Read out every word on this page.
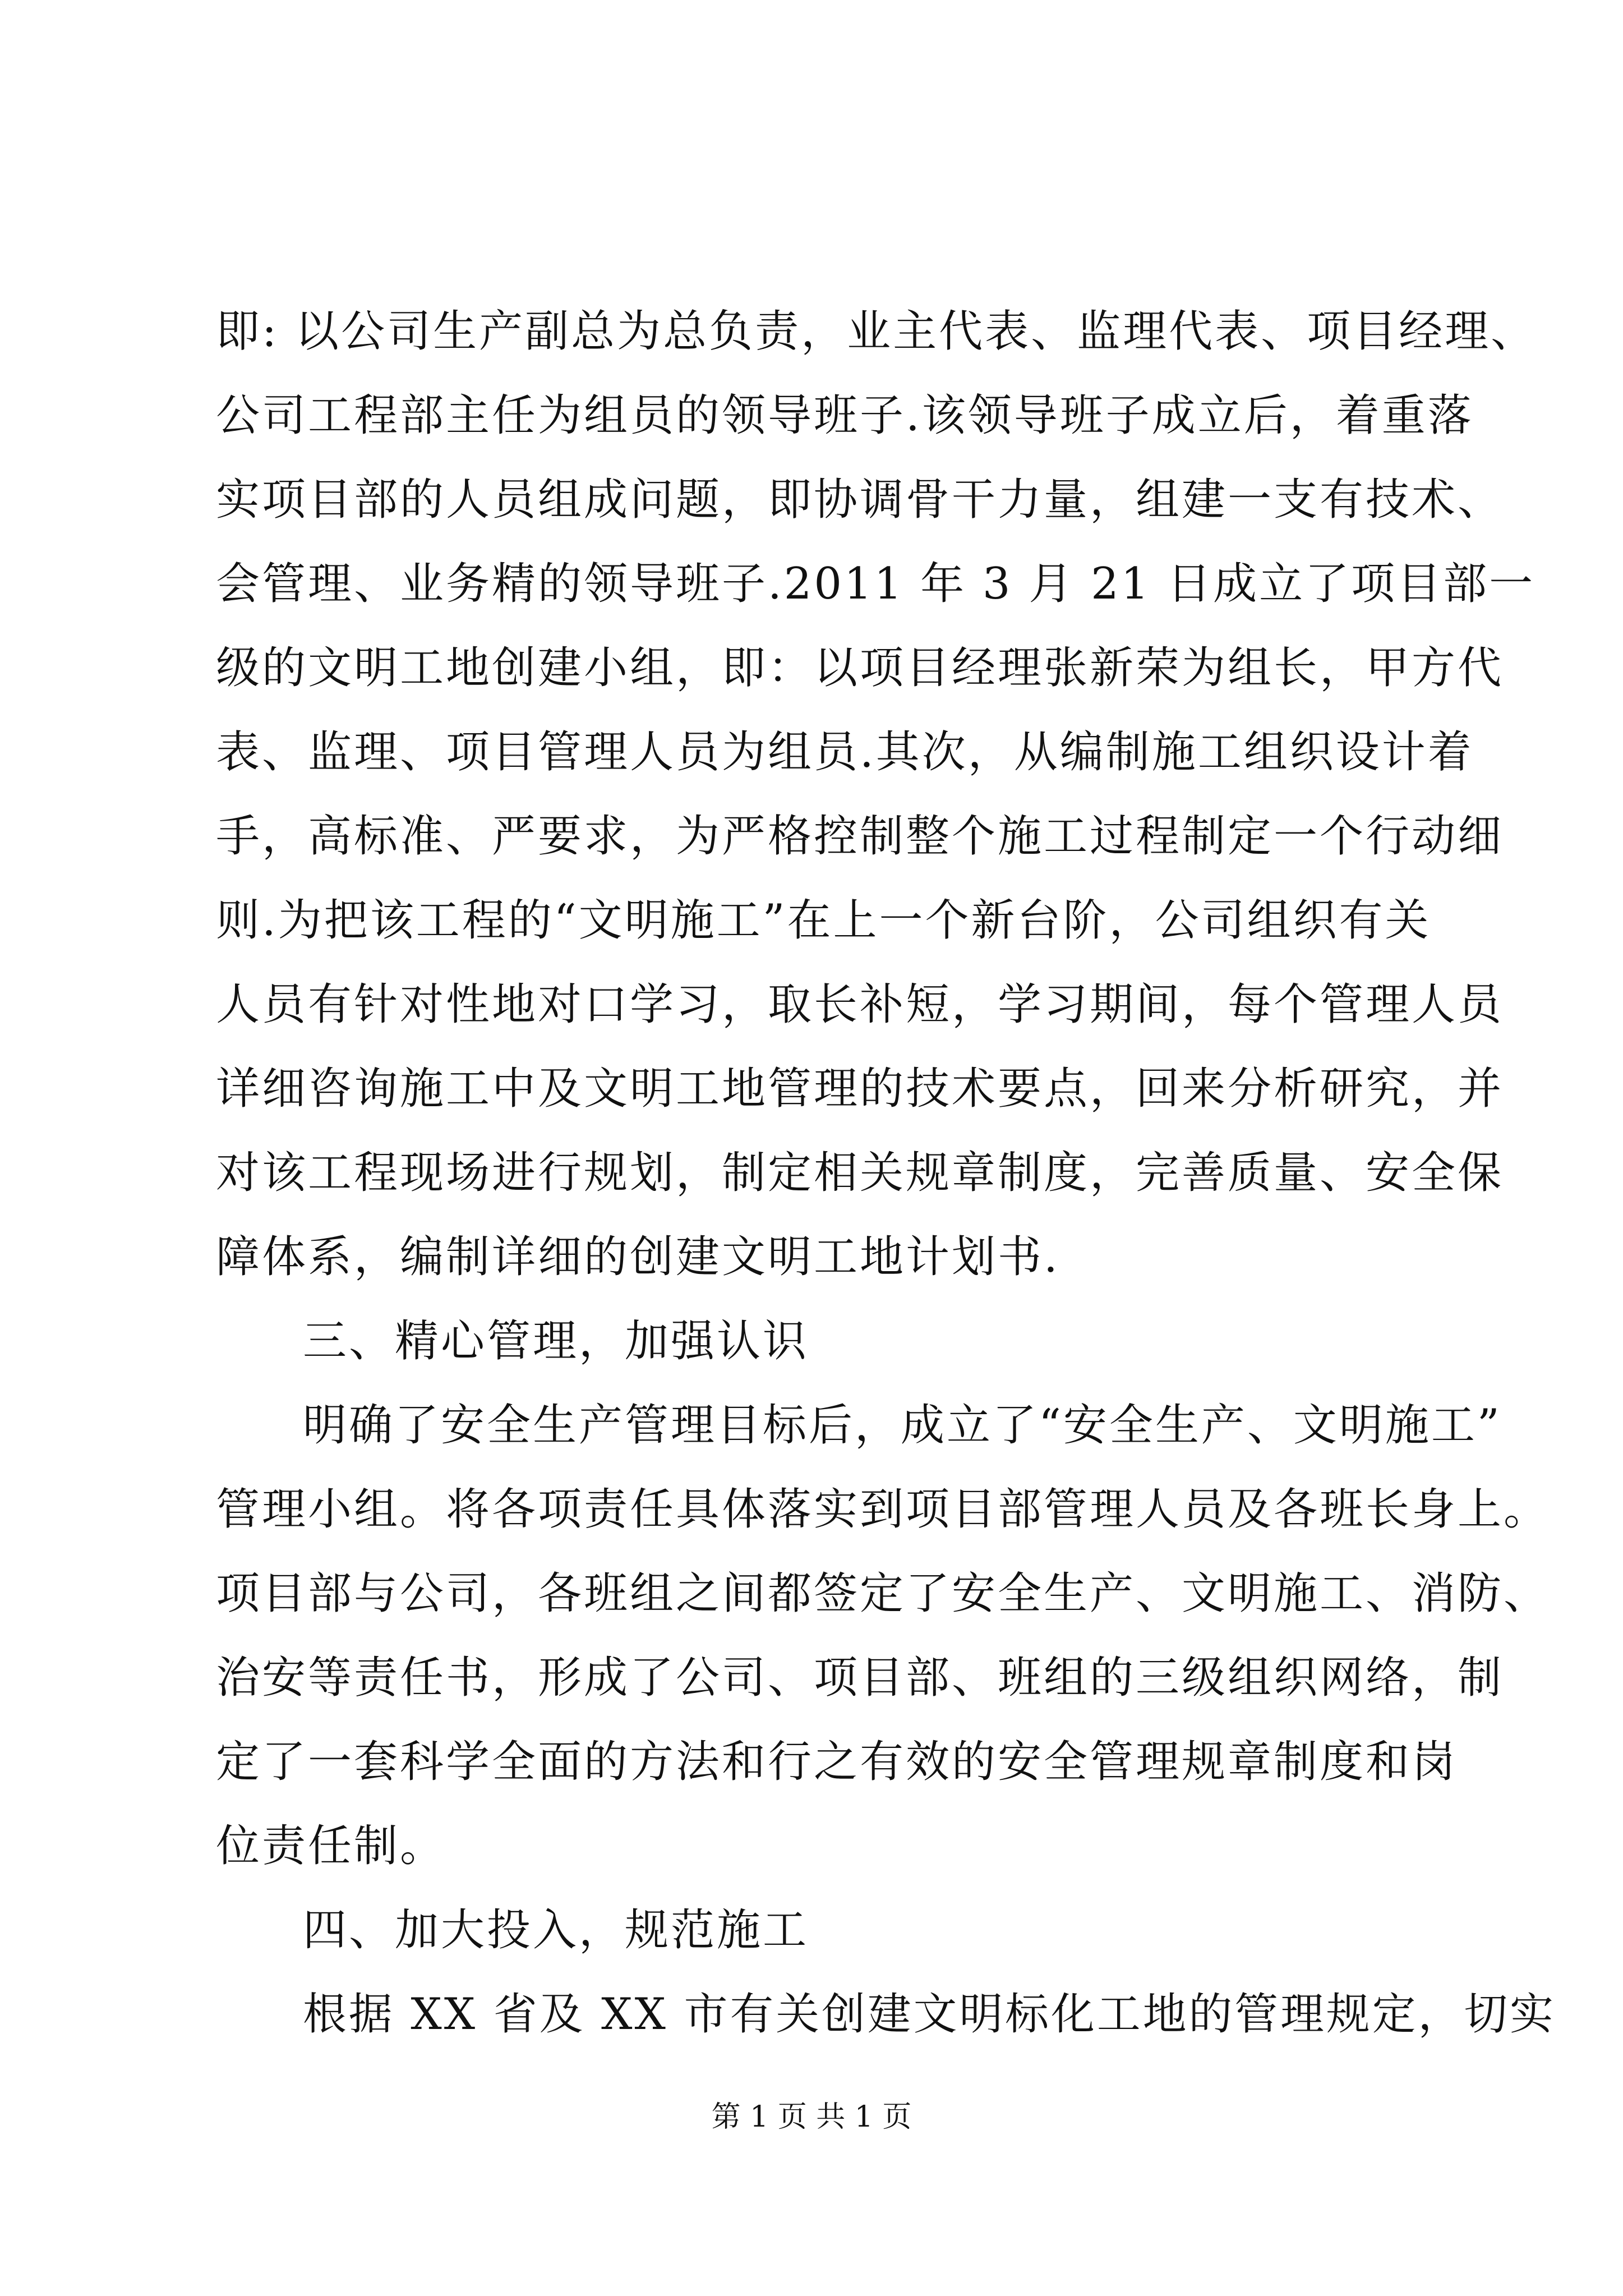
即: 以公司生产副总为总负责，业主代表、监理代表、项目经理、

公司工程部主任为组员的领导班子.该领导班子成立后，着重落

实项目部的人员组成问题，即协调骨干力量，组建一支有技术、

会管理、业务精的领导班子.2011 年 3 月 21 日成立了项目部一

级的文明工地创建小组，即：以项目经理张新荣为组长，甲方代

表、监理、项目管理人员为组员.其次，从编制施工组织设计着

手，高标准、严要求，为严格控制整个施工过程制定一个行动细

则.为把该工程的“文明施工”在上一个新台阶，公司组织有关

人员有针对性地对口学习，取长补短，学习期间，每个管理人员

详细咨询施工中及文明工地管理的技术要点，回来分析研究，并

对该工程现场进行规划，制定相关规章制度，完善质量、安全保

障体系，编制详细的创建文明工地计划书.

三、精心管理，加强认识

明确了安全生产管理目标后，成立了“安全生产、文明施工”

管理小组。将各项责任具体落实到项目部管理人员及各班长身上。

项目部与公司，各班组之间都签定了安全生产、文明施工、消防、

治安等责任书，形成了公司、项目部、班组的三级组织网络，制

定了一套科学全面的方法和行之有效的安全管理规章制度和岗

位责任制。

四、加大投入，规范施工

根据 XX 省及 XX 市有关创建文明标化工地的管理规定，切实

第 1 页 共 1 页
